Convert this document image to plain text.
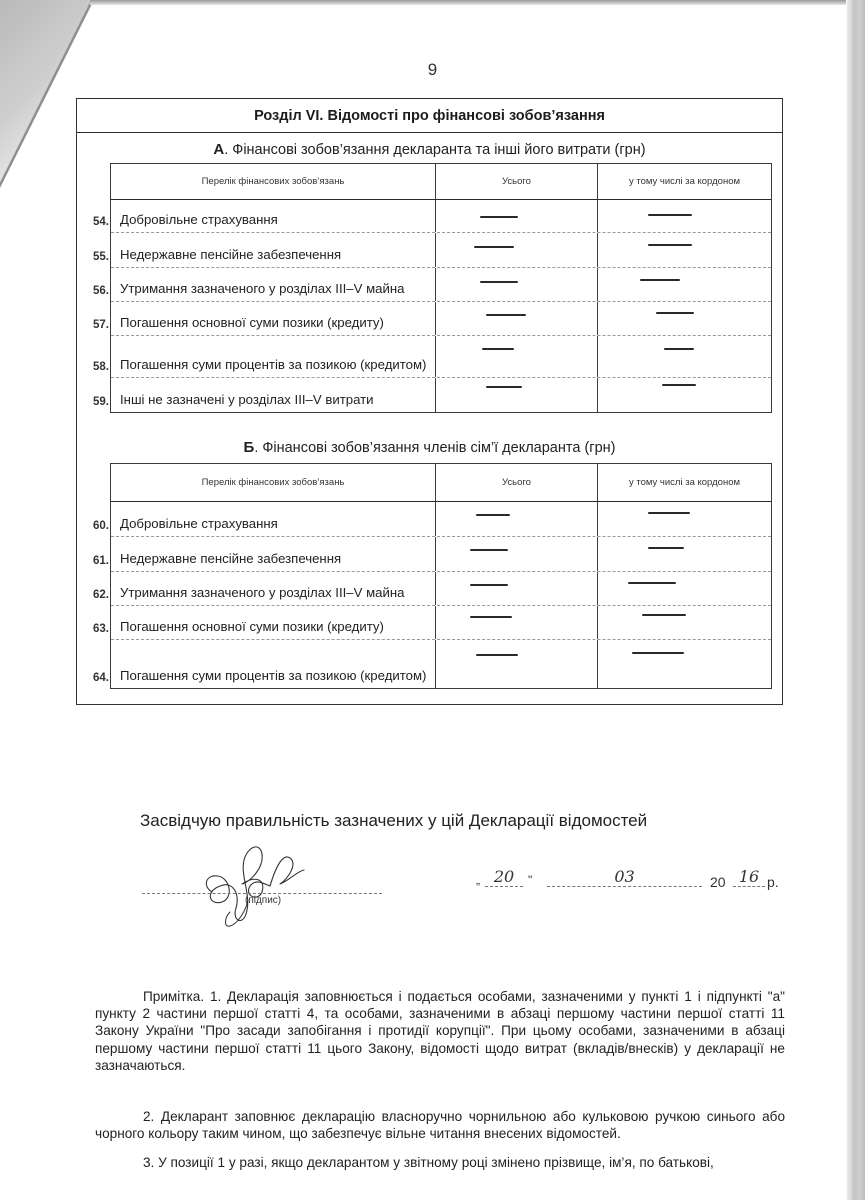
9
Розділ VI. Відомості про фінансові зобов’язання
А. Фінансові зобов’язання декларанта та інші його витрати (грн)
Перелік фінансових зобов’язань	Усього	у тому числі за кордоном
54. Добровільне страхування
55. Недержавне пенсійне забезпечення
56. Утримання зазначеного у розділах III–V майна
57. Погашення основної суми позики (кредиту)
58. Погашення суми процентів за позикою (кредитом)
59. Інші не зазначені у розділах III–V витрати
Б. Фінансові зобов’язання членів сім’ї декларанта (грн)
Перелік фінансових зобов’язань	Усього	у тому числі за кордоном
60. Добровільне страхування
61. Недержавне пенсійне забезпечення
62. Утримання зазначеного у розділах III–V майна
63. Погашення основної суми позики (кредиту)
64. Погашення суми процентів за позикою (кредитом)
Засвідчую правильність зазначених у цій Декларації відомостей
(підпис)
„ 20	"	03	20 16 р.

Примітка. 1. Декларація заповнюється і подається особами, зазначеними у пункті 1 і підпункті "а" пункту 2 частини першої статті 4, та особами, зазначеними в абзаці першому частини першої статті 11 Закону України "Про засади запобігання і протидії корупції". При цьому особами, зазначеними в абзаці першому частини першої статті 11 цього Закону, відомості щодо витрат (вкладів/внесків) у декларації не зазначаються.

2. Декларант заповнює декларацію власноручно чорнильною або кульковою ручкою синього або чорного кольору таким чином, що забезпечує вільне читання внесених відомостей.

3. У позиції 1 у разі, якщо декларантом у звітному році змінено прізвище, ім’я, по батькові,
